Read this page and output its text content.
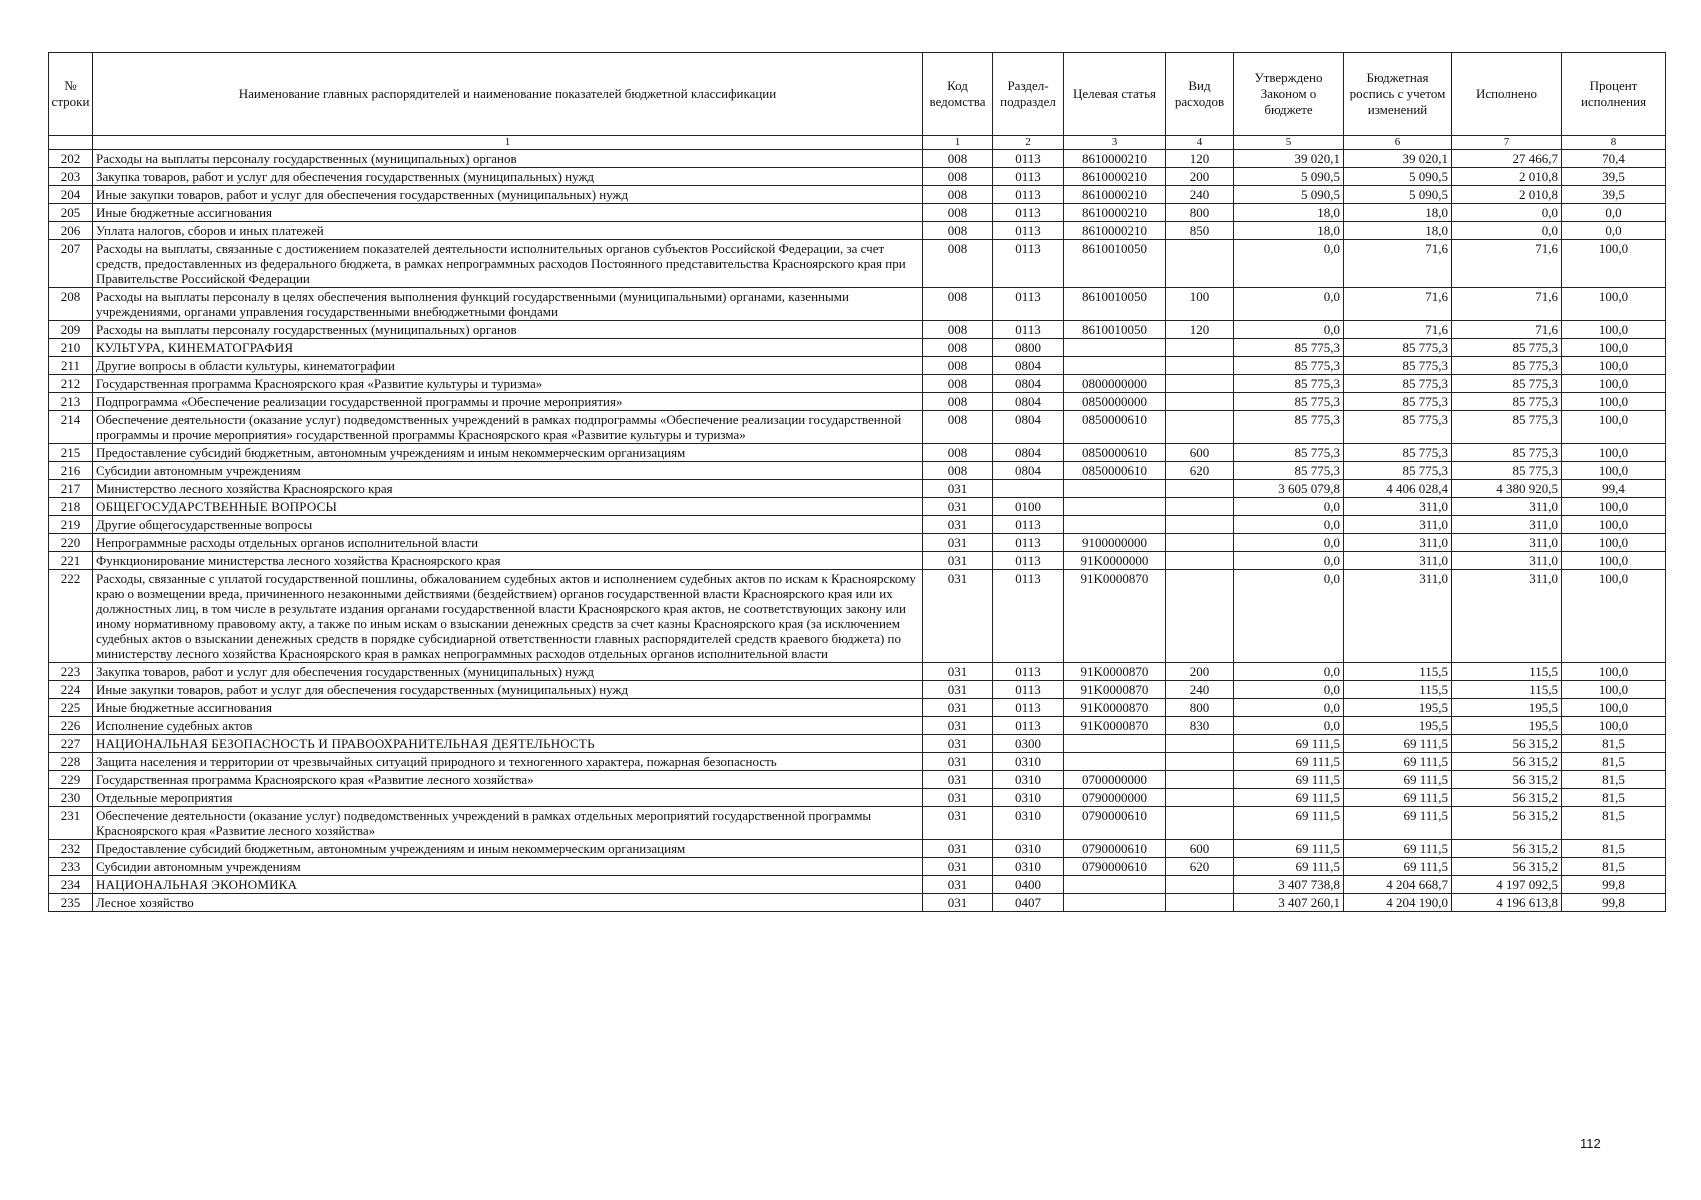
№ строки	Наименование главных распорядителей и наименование показателей бюджетной классификации	Код ведомства	Раздел-подраздел	Целевая статья	Вид расходов	Утверждено Законом о бюджете	Бюджетная роспись с учетом изменений	Исполнено	Процент исполнения
	1	1	2	3	4	5	6	7	8
202	Расходы на выплаты персоналу государственных (муниципальных) органов	008	0113	8610000210	120	39 020,1	39 020,1	27 466,7	70,4
203	Закупка товаров, работ и услуг для обеспечения государственных (муниципальных) нужд	008	0113	8610000210	200	5 090,5	5 090,5	2 010,8	39,5
204	Иные закупки товаров, работ и услуг для обеспечения государственных (муниципальных) нужд	008	0113	8610000210	240	5 090,5	5 090,5	2 010,8	39,5
205	Иные бюджетные ассигнования	008	0113	8610000210	800	18,0	18,0	0,0	0,0
206	Уплата налогов, сборов и иных платежей	008	0113	8610000210	850	18,0	18,0	0,0	0,0
207	Расходы на выплаты, связанные с достижением показателей деятельности исполнительных органов субъектов Российской Федерации, за счет средств, предоставленных из федерального бюджета, в рамках непрограммных расходов Постоянного представительства Красноярского края при Правительстве Российской Федерации	008	0113	8610010050		0,0	71,6	71,6	100,0
208	Расходы на выплаты персоналу в целях обеспечения выполнения функций государственными (муниципальными) органами, казенными учреждениями, органами управления государственными внебюджетными фондами	008	0113	8610010050	100	0,0	71,6	71,6	100,0
209	Расходы на выплаты персоналу государственных (муниципальных) органов	008	0113	8610010050	120	0,0	71,6	71,6	100,0
210	КУЛЬТУРА, КИНЕМАТОГРАФИЯ	008	0800			85 775,3	85 775,3	85 775,3	100,0
211	Другие вопросы в области культуры, кинематографии	008	0804			85 775,3	85 775,3	85 775,3	100,0
212	Государственная программа Красноярского края «Развитие культуры и туризма»	008	0804	0800000000		85 775,3	85 775,3	85 775,3	100,0
213	Подпрограмма «Обеспечение реализации государственной программы и прочие мероприятия»	008	0804	0850000000		85 775,3	85 775,3	85 775,3	100,0
214	Обеспечение деятельности (оказание услуг) подведомственных учреждений в рамках подпрограммы «Обеспечение реализации государственной программы и прочие мероприятия» государственной программы Красноярского края «Развитие культуры и туризма»	008	0804	0850000610		85 775,3	85 775,3	85 775,3	100,0
215	Предоставление субсидий бюджетным, автономным учреждениям и иным некоммерческим организациям	008	0804	0850000610	600	85 775,3	85 775,3	85 775,3	100,0
216	Субсидии автономным учреждениям	008	0804	0850000610	620	85 775,3	85 775,3	85 775,3	100,0
217	Министерство лесного хозяйства Красноярского края	031				3 605 079,8	4 406 028,4	4 380 920,5	99,4
218	ОБЩЕГОСУДАРСТВЕННЫЕ ВОПРОСЫ	031	0100			0,0	311,0	311,0	100,0
219	Другие общегосударственные вопросы	031	0113			0,0	311,0	311,0	100,0
220	Непрограммные расходы отдельных органов исполнительной власти	031	0113	9100000000		0,0	311,0	311,0	100,0
221	Функционирование министерства лесного хозяйства Красноярского края	031	0113	91K0000000		0,0	311,0	311,0	100,0
222	Расходы, связанные с уплатой государственной пошлины, обжалованием судебных актов и исполнением судебных актов по искам к Красноярскому краю о возмещении вреда, причиненного незаконными действиями (бездействием) органов государственной власти Красноярского края или их должностных лиц, в том числе в результате издания органами государственной власти Красноярского края актов, не соответствующих закону или иному нормативному правовому акту, а также по иным искам о взыскании денежных средств за счет казны Красноярского края (за исключением судебных актов о взыскании денежных средств в порядке субсидиарной ответственности главных распорядителей средств краевого бюджета) по министерству лесного хозяйства Красноярского края в рамках непрограммных расходов отдельных органов исполнительной власти	031	0113	91K0000870		0,0	311,0	311,0	100,0
223	Закупка товаров, работ и услуг для обеспечения государственных (муниципальных) нужд	031	0113	91K0000870	200	0,0	115,5	115,5	100,0
224	Иные закупки товаров, работ и услуг для обеспечения государственных (муниципальных) нужд	031	0113	91K0000870	240	0,0	115,5	115,5	100,0
225	Иные бюджетные ассигнования	031	0113	91K0000870	800	0,0	195,5	195,5	100,0
226	Исполнение судебных актов	031	0113	91K0000870	830	0,0	195,5	195,5	100,0
227	НАЦИОНАЛЬНАЯ БЕЗОПАСНОСТЬ И ПРАВООХРАНИТЕЛЬНАЯ ДЕЯТЕЛЬНОСТЬ	031	0300			69 111,5	69 111,5	56 315,2	81,5
228	Защита населения и территории от чрезвычайных ситуаций природного и техногенного характера, пожарная безопасность	031	0310			69 111,5	69 111,5	56 315,2	81,5
229	Государственная программа Красноярского края «Развитие лесного хозяйства»	031	0310	0700000000		69 111,5	69 111,5	56 315,2	81,5
230	Отдельные мероприятия	031	0310	0790000000		69 111,5	69 111,5	56 315,2	81,5
231	Обеспечение деятельности (оказание услуг) подведомственных учреждений в рамках отдельных мероприятий государственной программы Красноярского края «Развитие лесного хозяйства»	031	0310	0790000610		69 111,5	69 111,5	56 315,2	81,5
232	Предоставление субсидий бюджетным, автономным учреждениям и иным некоммерческим организациям	031	0310	0790000610	600	69 111,5	69 111,5	56 315,2	81,5
233	Субсидии автономным учреждениям	031	0310	0790000610	620	69 111,5	69 111,5	56 315,2	81,5
234	НАЦИОНАЛЬНАЯ ЭКОНОМИКА	031	0400			3 407 738,8	4 204 668,7	4 197 092,5	99,8
235	Лесное хозяйство	031	0407			3 407 260,1	4 204 190,0	4 196 613,8	99,8
112
